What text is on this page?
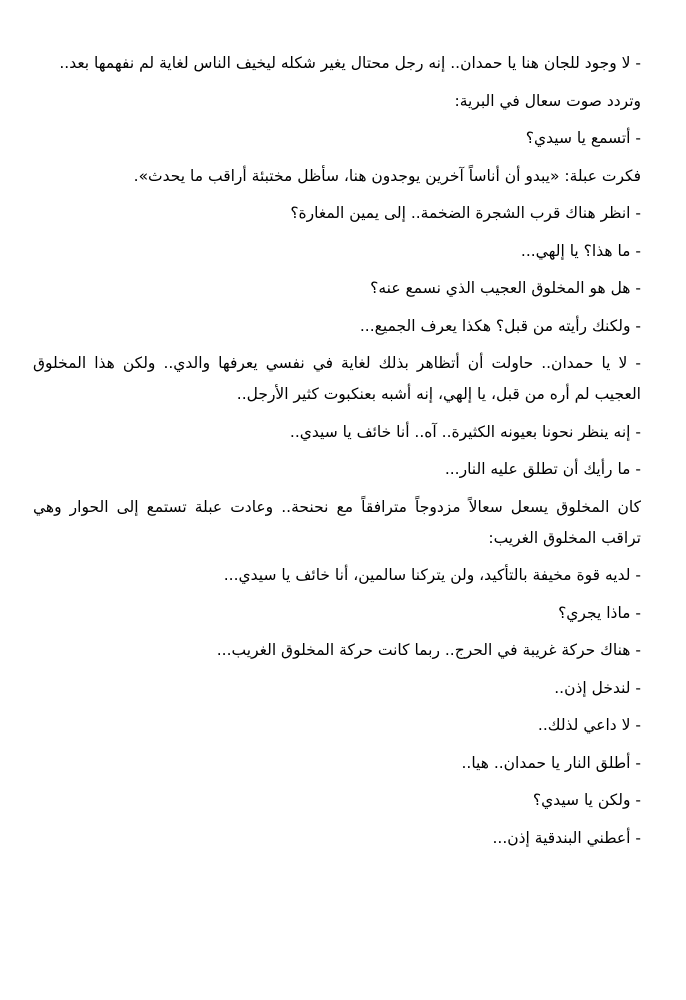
- لا وجود للجان هنا يا حمدان.. إنه رجل محتال يغير شكله ليخيف الناس لغاية لم نفهمها بعد..

وتردد صوت سعال في البرية:

- أتسمع يا سيدي؟

فكرت عبلة: «يبدو أن أناساً آخرين يوجدون هنا، سأظل مختبئة أراقب ما يحدث».

- انظر هناك قرب الشجرة الضخمة.. إلى يمين المغارة؟

- ما هذا؟ يا إلهي...

- هل هو المخلوق العجيب الذي نسمع عنه؟

- ولكنك رأيته من قبل؟ هكذا يعرف الجميع...

- لا يا حمدان.. حاولت أن أتظاهر بذلك لغاية في نفسي يعرفها والدي.. ولكن هذا المخلوق العجيب لم أره من قبل، يا إلهي، إنه أشبه بعنكبوت كثير الأرجل..

- إنه ينظر نحونا بعيونه الكثيرة.. آه.. أنا خائف يا سيدي..

- ما رأيك أن تطلق عليه النار...

كان المخلوق يسعل سعالاً مزدوجاً مترافقاً مع نحنحة.. وعادت عبلة تستمع إلى الحوار وهي تراقب المخلوق الغريب:

- لديه قوة مخيفة بالتأكيد، ولن يتركنا سالمين، أنا خائف يا سيدي...

- ماذا يجري؟

- هناك حركة غريبة في الحرج.. ربما كانت حركة المخلوق الغريب...

- لندخل إذن..

- لا داعي لذلك..

- أطلق النار يا حمدان.. هيا..

- ولكن يا سيدي؟

- أعطني البندقية إذن...
